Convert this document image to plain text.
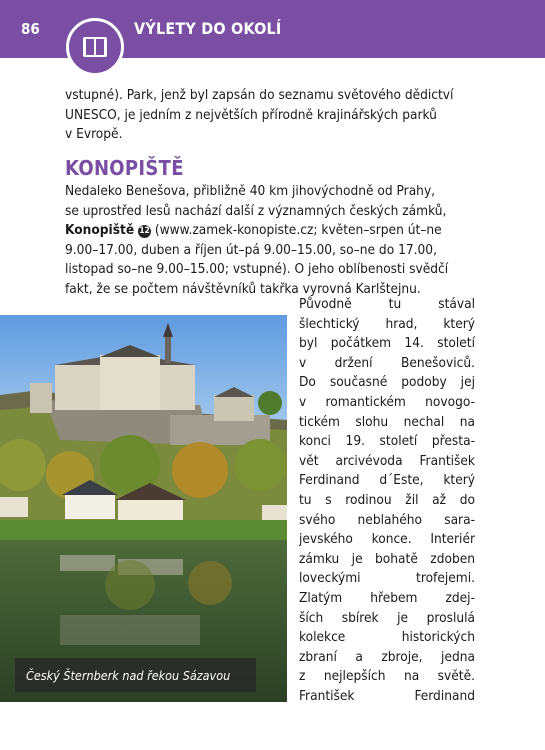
86	VÝLETY DO OKOLÍ
vstupné). Park, jenž byl zapsán do seznamu světového dědictví
UNESCO, je jedním z největších přírodně krajinářských parků
v Evropě.
KONOPIŠTĚ
Nedaleko Benešova, přibližně 40 km jihovýchodně od Prahy,
se uprostřed lesů nachází další z významných českých zámků,
Konopiště 12 (www.zamek-konopiste.cz; květen–srpen út–ne
9.00–17.00, duben a říjen út–pá 9.00–15.00, so–ne do 17.00,
listopad so–ne 9.00–15.00; vstupné). O jeho oblíbenosti svědčí
fakt, že se počtem návštěvníků takřka vyrovná Karlštejnu.
Český Šternberk nad řekou Sázavou
Původně tu stával
šlechtický hrad, který
byl počátkem 14. století
v držení Benešoviců.
Do současné podoby jej
v romantickém novogo-
tickém slohu nechal na
konci 19. století přesta-
vět arcivévoda František
Ferdinand d´Este, který
tu s rodinou žil až do
svého neblahého sara-
jevského konce. Interiér
zámku je bohatě zdoben
loveckými trofejemi.
Zlatým hřebem zdej-
ších sbírek je proslulá
kolekce historických
zbraní a zbroje, jedna
z nejlepších na světě.
František Ferdinand
